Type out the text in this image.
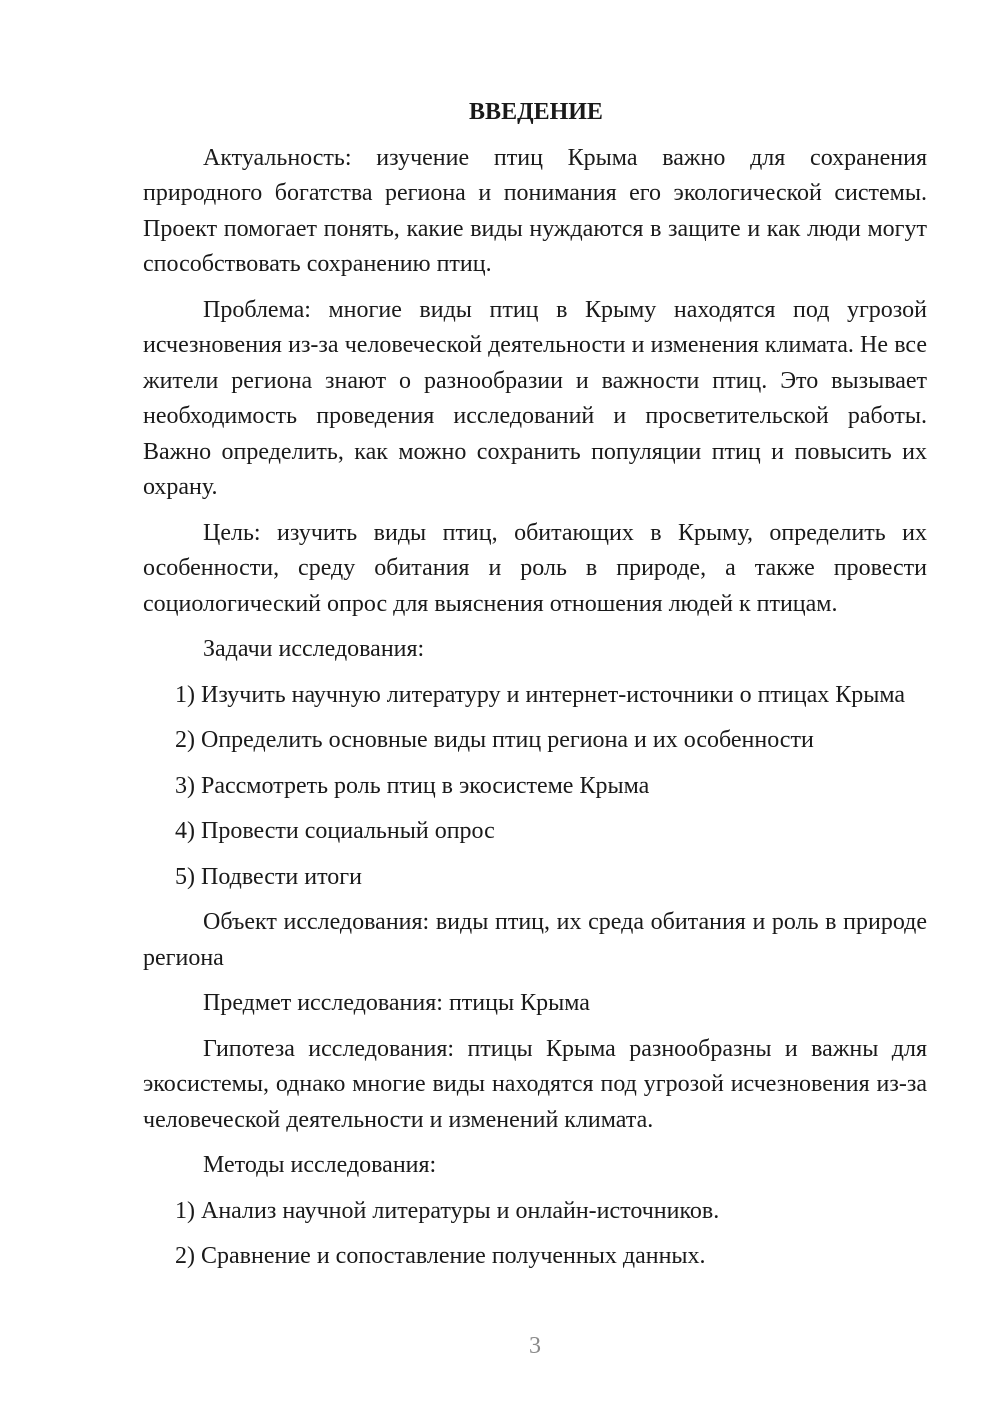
ВВЕДЕНИЕ

Актуальность: изучение птиц Крыма важно для сохранения природного богатства региона и понимания его экологической системы. Проект помогает понять, какие виды нуждаются в защите и как люди могут способствовать сохранению птиц.

Проблема: многие виды птиц в Крыму находятся под угрозой исчезновения из-за человеческой деятельности и изменения климата. Не все жители региона знают о разнообразии и важности птиц. Это вызывает необходимость проведения исследований и просветительской работы. Важно определить, как можно сохранить популяции птиц и повысить их охрану.

Цель: изучить виды птиц, обитающих в Крыму, определить их особенности, среду обитания и роль в природе, а также провести социологический опрос для выяснения отношения людей к птицам.

Задачи исследования:

1) Изучить научную литературу и интернет-источники о птицах Крыма

2) Определить основные виды птиц региона и их особенности

3) Рассмотреть роль птиц в экосистеме Крыма

4) Провести социальный опрос

5) Подвести итоги

Объект исследования: виды птиц, их среда обитания и роль в природе региона

Предмет исследования: птицы Крыма

Гипотеза исследования: птицы Крыма разнообразны и важны для экосистемы, однако многие виды находятся под угрозой исчезновения из-за человеческой деятельности и изменений климата.

Методы исследования:

1) Анализ научной литературы и онлайн-источников.

2) Сравнение и сопоставление полученных данных.

3
